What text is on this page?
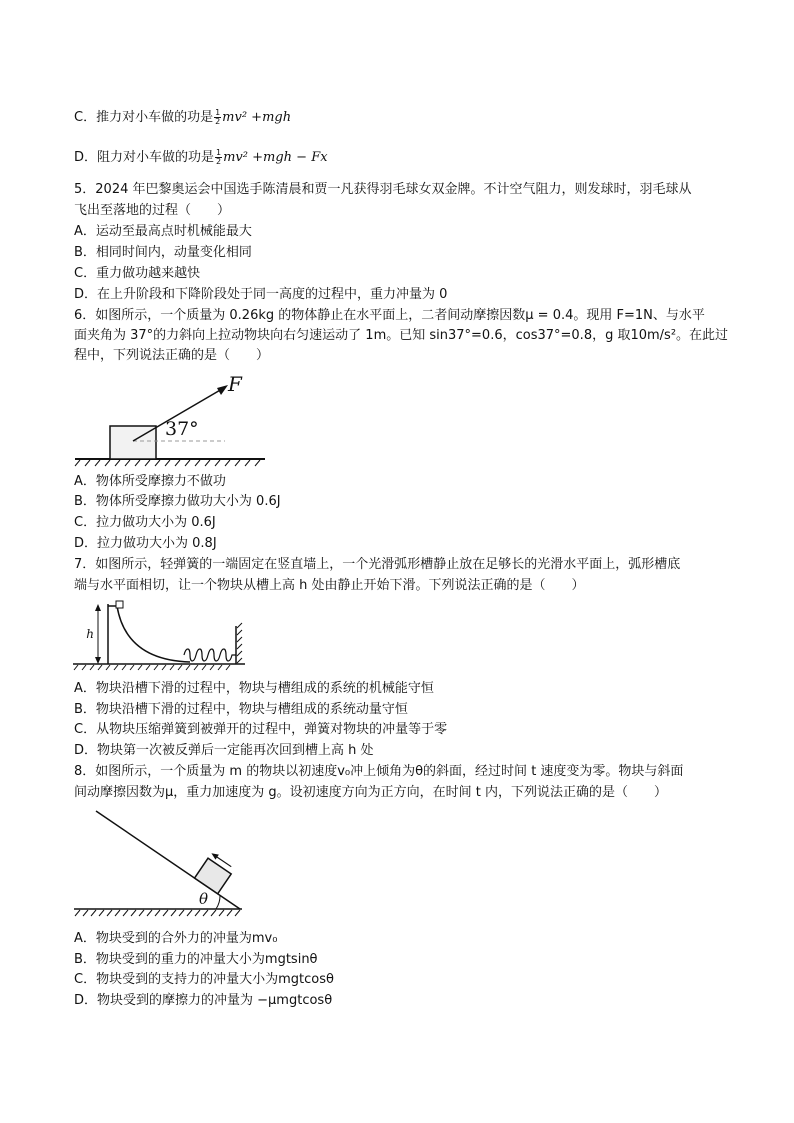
C．推力对小车做的功是 $\frac{1}{2} mv^2 +mgh$
D．阻力对小车做的功是 $\frac{1}{2} mv^2 +mgh - Fx$
5．2024 年巴黎奥运会中国选手陈清晨和贾一凡获得羽毛球女双金牌。不计空气阻力，则发球时，羽毛球从
飞出至落地的过程（　　）
A．运动至最高点时机械能最大
B．相同时间内，动量变化相同
C．重力做功越来越快
D．在上升阶段和下降阶段处于同一高度的过程中，重力冲量为 0
6．如图所示，一个质量为 0.26kg 的物体静止在水平面上，二者间动摩擦因数μ = 0.4。现用 F=1N、与水平
面夹角为 37°的力斜向上拉动物块向右匀速运动了 1m。已知 sin37°=0.6，cos37°=0.8，g 取10m/s²。在此过
程中，下列说法正确的是（　　）
F
37°
A．物体所受摩擦力不做功
B．物体所受摩擦力做功大小为 0.6J
C．拉力做功大小为 0.6J
D．拉力做功大小为 0.8J
7．如图所示，轻弹簧的一端固定在竖直墙上，一个光滑弧形槽静止放在足够长的光滑水平面上，弧形槽底
端与水平面相切，让一个物块从槽上高 h 处由静止开始下滑。下列说法正确的是（　　）
h
A．物块沿槽下滑的过程中，物块与槽组成的系统的机械能守恒
B．物块沿槽下滑的过程中，物块与槽组成的系统动量守恒
C．从物块压缩弹簧到被弹开的过程中，弹簧对物块的冲量等于零
D．物块第一次被反弹后一定能再次回到槽上高 h 处
8．如图所示，一个质量为 m 的物块以初速度v₀冲上倾角为θ的斜面，经过时间 t 速度变为零。物块与斜面
间动摩擦因数为μ，重力加速度为 g。设初速度方向为正方向，在时间 t 内，下列说法正确的是（　　）
θ
A．物块受到的合外力的冲量为mv₀
B．物块受到的重力的冲量大小为mgtsinθ
C．物块受到的支持力的冲量大小为mgtcosθ
D．物块受到的摩擦力的冲量为 −μmgtcosθ
